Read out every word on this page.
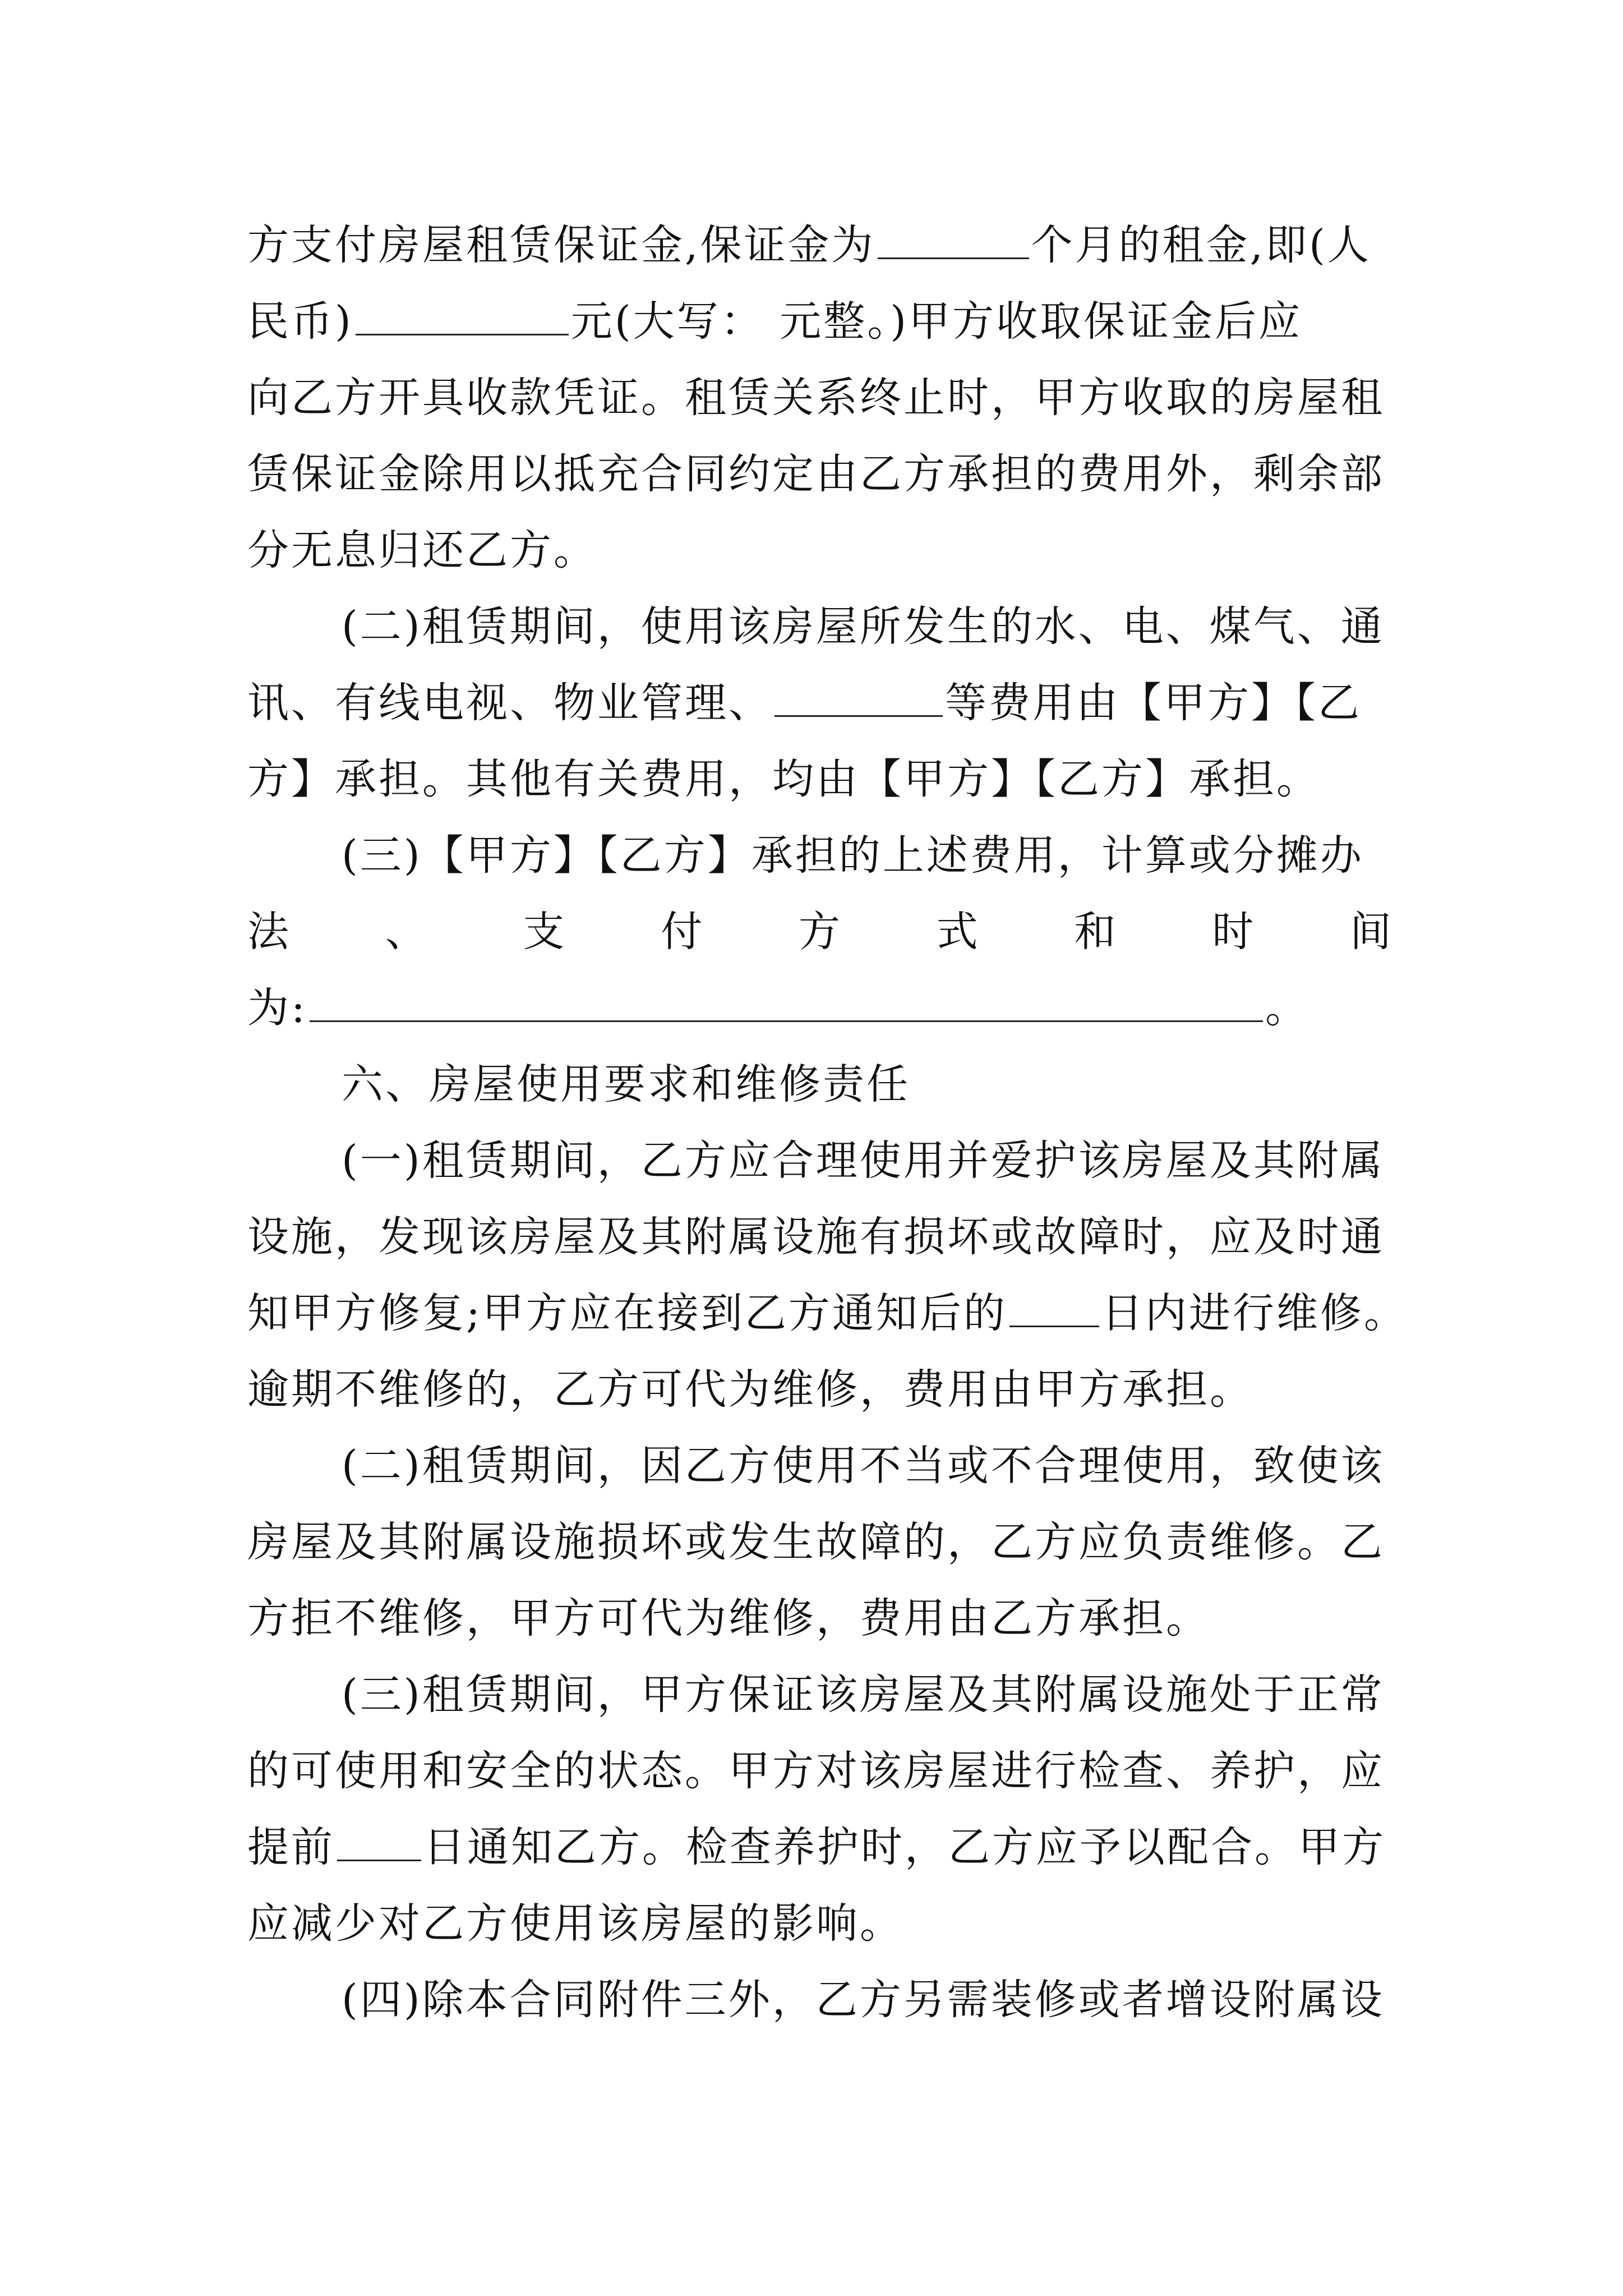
方支付房屋租赁保证金,保证金为	个月的租金,即(人
民币)	元(大写： 元整。)甲方收取保证金后应
向乙方开具收款凭证。租赁关系终止时，甲方收取的房屋租
赁保证金除用以抵充合同约定由乙方承担的费用外，剩余部
分无息归还乙方。
(二)租赁期间，使用该房屋所发生的水、电、煤气、通
讯、有线电视、物业管理、	等费用由【甲方】【乙
方】承担。其他有关费用，均由【甲方】【乙方】承担。
(三)【甲方】【乙方】承担的上述费用，计算或分摊办
法 、 支 付 方 式 和 时 间
为:	。
六、房屋使用要求和维修责任
(一)租赁期间，乙方应合理使用并爱护该房屋及其附属
设施，发现该房屋及其附属设施有损坏或故障时，应及时通
知甲方修复;甲方应在接到乙方通知后的 日内进行维修。
逾期不维修的，乙方可代为维修，费用由甲方承担。
(二)租赁期间，因乙方使用不当或不合理使用，致使该
房屋及其附属设施损坏或发生故障的，乙方应负责维修。乙
方拒不维修，甲方可代为维修，费用由乙方承担。
(三)租赁期间，甲方保证该房屋及其附属设施处于正常
的可使用和安全的状态。甲方对该房屋进行检查、养护，应
提前 日通知乙方。检查养护时，乙方应予以配合。甲方
应减少对乙方使用该房屋的影响。
(四)除本合同附件三外，乙方另需装修或者增设附属设
